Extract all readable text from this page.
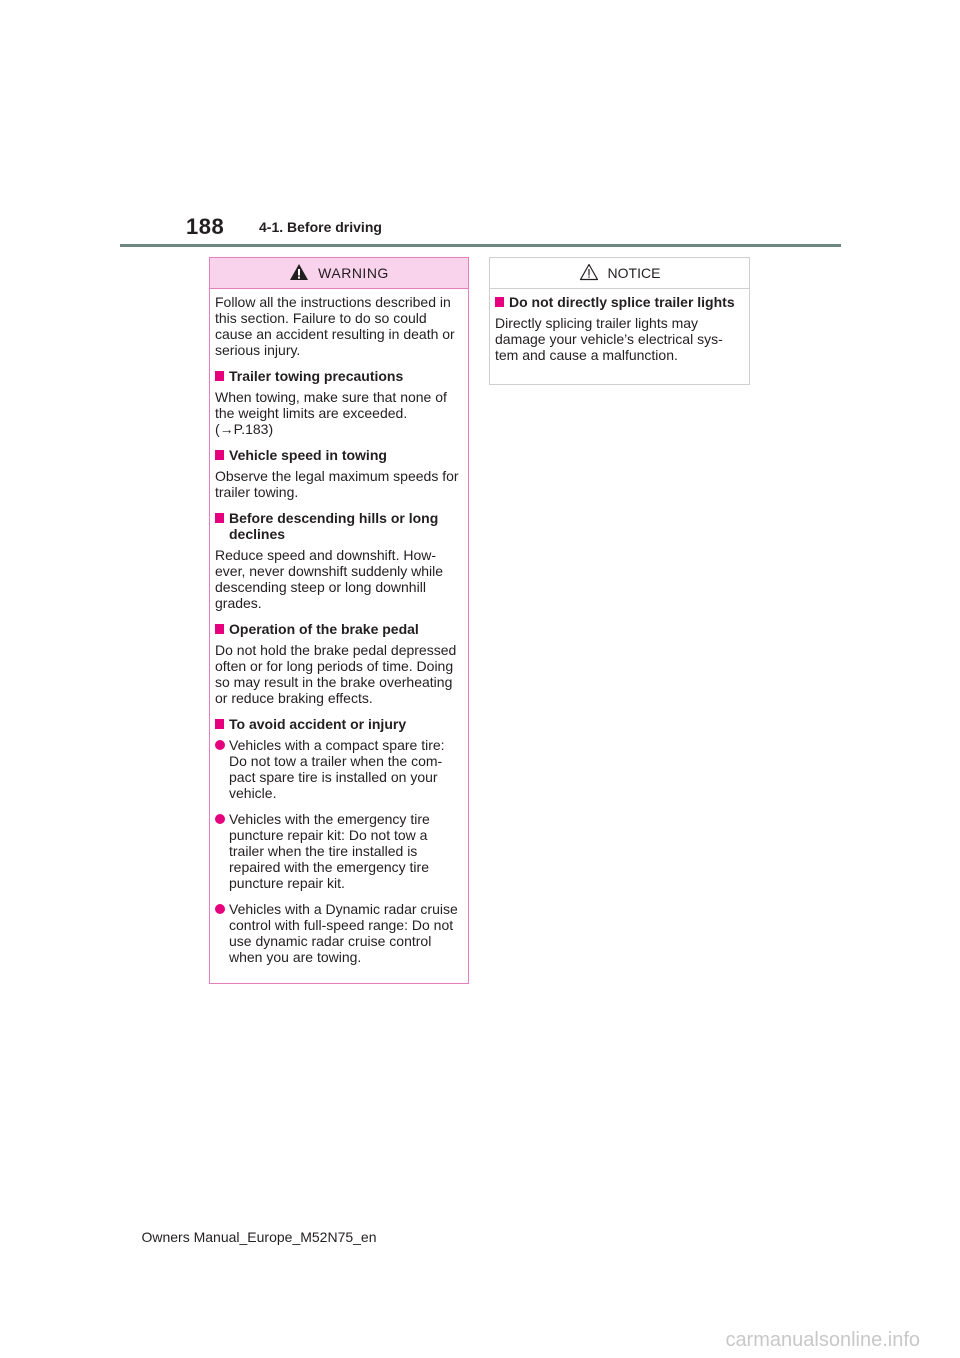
188 4-1. Before driving
WARNING

Follow all the instructions described in this section. Failure to do so could cause an accident resulting in death or serious injury.

Trailer towing precautions

When towing, make sure that none of the weight limits are exceeded.

(→P.183)

Vehicle speed in towing

Observe the legal maximum speeds for trailer towing.

Before descending hills or long declines

Reduce speed and downshift. How-ever, never downshift suddenly while descending steep or long downhill grades.

Operation of the brake pedal

Do not hold the brake pedal depressed often or for long periods of time. Doing so may result in the brake overheating or reduce braking effects.

To avoid accident or injury
Vehicles with a compact spare tire: Do not tow a trailer when the com-pact spare tire is installed on your vehicle.
Vehicles with the emergency tire puncture repair kit: Do not tow a trailer when the tire installed is repaired with the emergency tire puncture repair kit.
Vehicles with a Dynamic radar cruise control with full-speed range: Do not use dynamic radar cruise control when you are towing.
NOTICE
Do not directly splice trailer lights

Directly splicing trailer lights may damage your vehicle’s electrical sys-tem and cause a malfunction.

Owners Manual_Europe_M52N75_en
carmanualsonline.info
